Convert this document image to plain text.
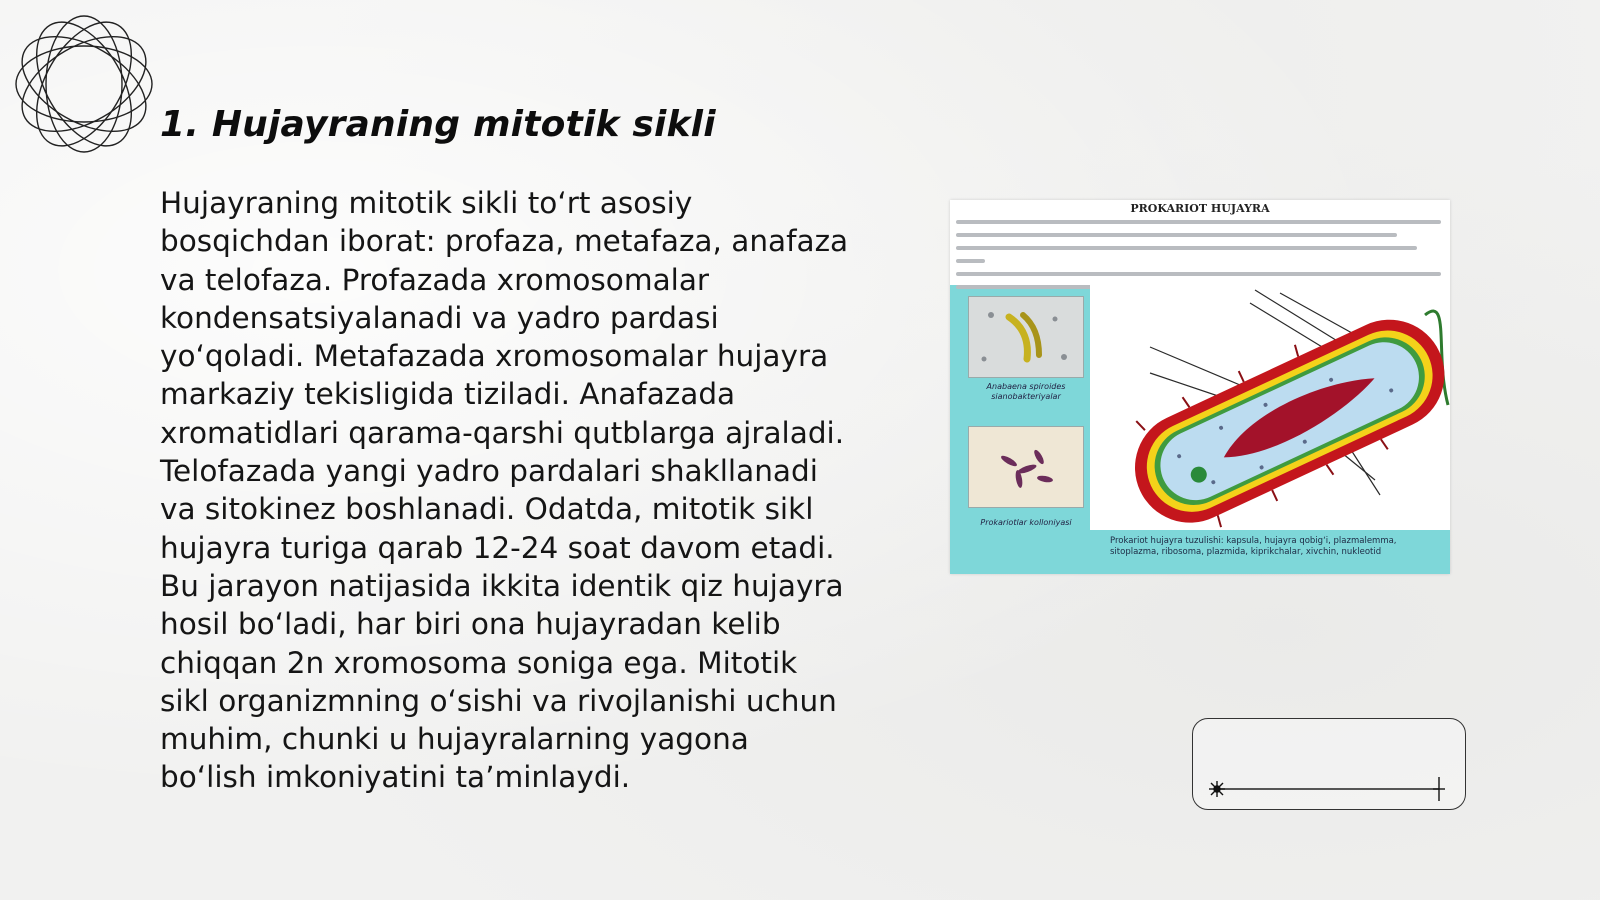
1. Hujayraning mitotik sikli

Hujayraning mitotik sikli to‘rt asosiy bosqichdan iborat: profaza, metafaza, anafaza va telofaza. Profazada xromosomalar kondensatsiyalanadi va yadro pardasi yo‘qoladi. Metafazada xromosomalar hujayra markaziy tekisligida tiziladi. Anafazada xromatidlari qarama-qarshi qutblarga ajraladi. Telofazada yangi yadro pardalari shakllanadi va sitokinez boshlanadi. Odatda, mitotik sikl hujayra turiga qarab 12-24 soat davom etadi. Bu jarayon natijasida ikkita identik qiz hujayra hosil bo‘ladi, har biri ona hujayradan kelib chiqqan 2n xromosoma soniga ega. Mitotik sikl organizmning o‘sishi va rivojlanishi uchun muhim, chunki u hujayralarning yagona bo‘lish imkoniyatini ta’minlaydi.

PROKARIOT HUJAYRA
Anabaena spiroides sianobakteriyalar
Prokariotlar kolloniyasi
Prokariot hujayra tuzulishi: kapsula, hujayra qobig‘i, plazmalemma,
sitoplazma, ribosoma, plazmida, kiprikchalar, xivchin, nukleotid
